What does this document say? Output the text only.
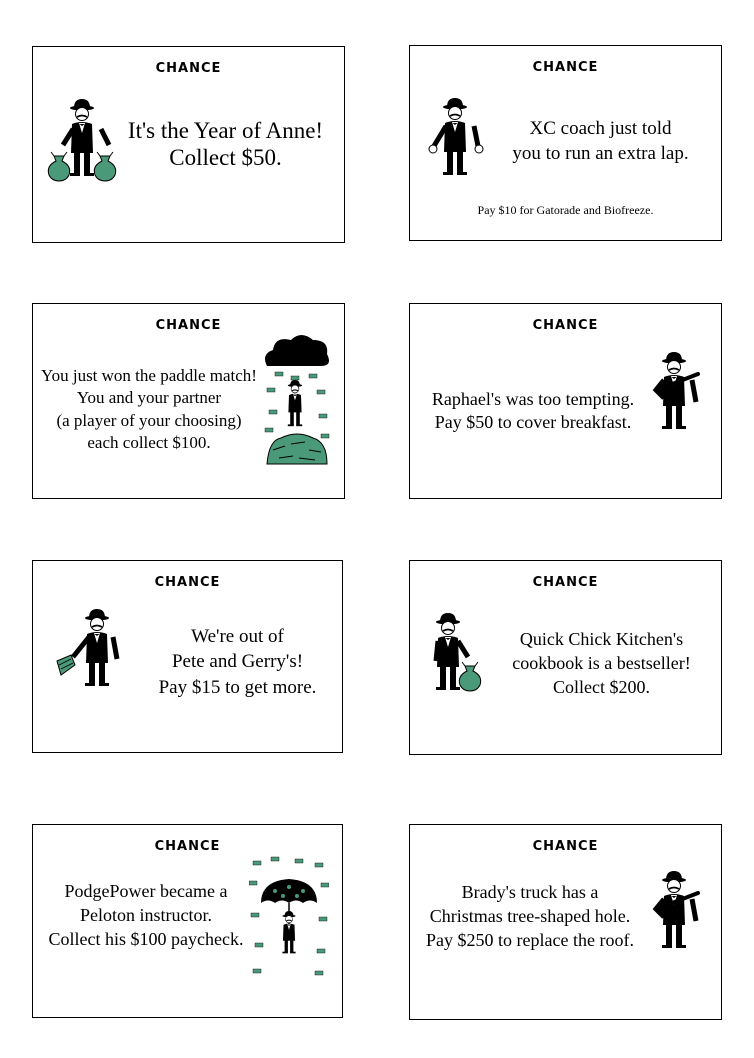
CHANCE
It's the Year of Anne!
Collect $50.
CHANCE
XC coach just told
you to run an extra lap.
Pay $10 for Gatorade and Biofreeze.
CHANCE
You just won the paddle match!
You and your partner
(a player of your choosing)
each collect $100.
CHANCE
Raphael's was too tempting.
Pay $50 to cover breakfast.
CHANCE
We're out of
Pete and Gerry's!
Pay $15 to get more.
CHANCE
Quick Chick Kitchen's
cookbook is a bestseller!
Collect $200.
CHANCE
PodgePower became a
Peloton instructor.
Collect his $100 paycheck.
CHANCE
Brady's truck has a
Christmas tree-shaped hole.
Pay $250 to replace the roof.
